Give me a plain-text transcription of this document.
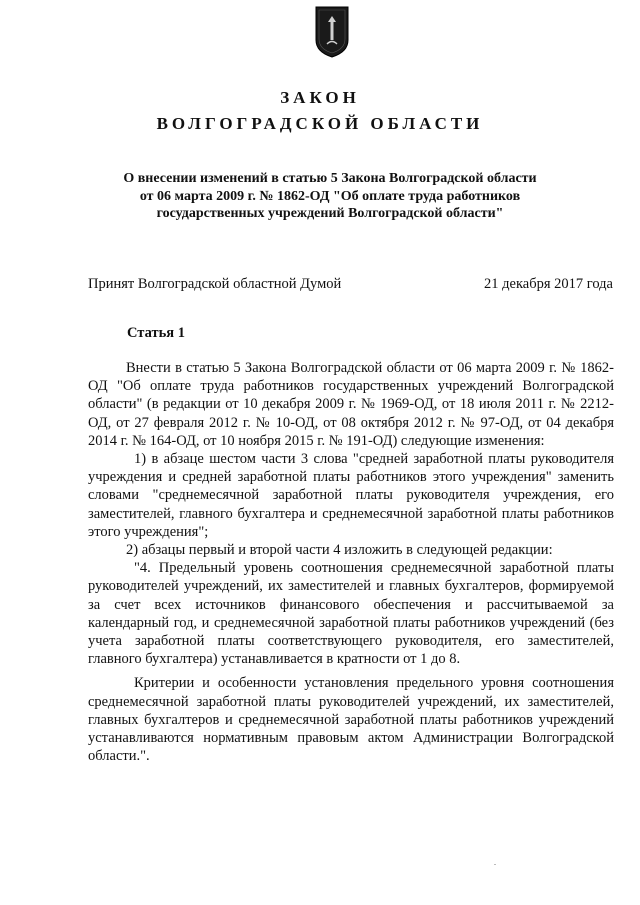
ЗАКОН
ВОЛГОГРАДСКОЙ ОБЛАСТИ
О внесении изменений в статью 5 Закона Волгоградской области
от 06 марта 2009 г. № 1862-ОД "Об оплате труда работников
государственных учреждений Волгоградской области"
Принят Волгоградской областной Думой	21 декабря 2017 года
Статья 1

Внести в статью 5 Закона Волгоградской области от 06 марта 2009 г. № 1862-ОД "Об оплате труда работников государственных учреждений Волгоградской области" (в редакции от 10 декабря 2009 г. № 1969-ОД, от 18 июля 2011 г. № 2212-ОД, от 27 февраля 2012 г. № 10-ОД, от 08 октября 2012 г. № 97-ОД, от 04 декабря 2014 г. № 164-ОД, от 10 ноября 2015 г. № 191-ОД) следующие изменения:

1) в абзаце шестом части 3 слова "средней заработной платы руководителя учреждения и средней заработной платы работников этого учреждения" заменить словами "среднемесячной заработной платы руководителя учреждения, его заместителей, главного бухгалтера и среднемесячной заработной платы работников этого учреждения";

2) абзацы первый и второй части 4 изложить в следующей редакции:

"4. Предельный уровень соотношения среднемесячной заработной платы руководителей учреждений, их заместителей и главных бухгалтеров, формируемой за счет всех источников финансового обеспечения и рассчитываемой за календарный год, и среднемесячной заработной платы работников учреждений (без учета заработной платы соответствующего руководителя, его заместителей, главного бухгалтера) устанавливается в кратности от 1 до 8.

Критерии и особенности установления предельного уровня соотношения среднемесячной заработной платы руководителей учреждений, их заместителей, главных бухгалтеров и среднемесячной заработной платы работников учреждений устанавливаются нормативным правовым актом Администрации Волгоградской области.".
